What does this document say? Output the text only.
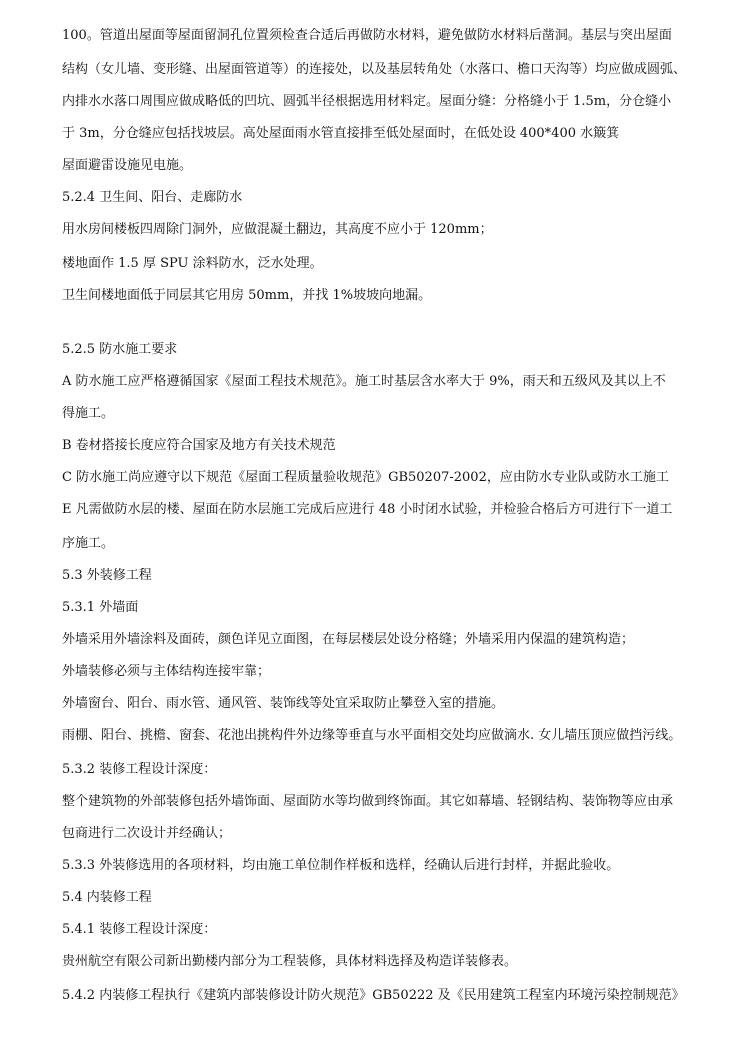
100。管道出屋面等屋面留洞孔位置须检查合适后再做防水材料，避免做防水材料后凿洞。基层与突出屋面
结构（女儿墙、变形缝、出屋面管道等）的连接处，以及基层转角处（水落口、檐口天沟等）均应做成圆弧、
内排水水落口周围应做成略低的凹坑、圆弧半径根据选用材料定。屋面分缝：分格缝小于 1.5m，分仓缝小
于 3m，分仓缝应包括找坡层。高处屋面雨水管直接排至低处屋面时，在低处设 400*400 水簸箕
屋面避雷设施见电施。
5.2.4 卫生间、阳台、走廊防水
用水房间楼板四周除门洞外，应做混凝土翻边，其高度不应小于 120mm；
楼地面作 1.5 厚 SPU 涂料防水，泛水处理。
卫生间楼地面低于同层其它用房 50mm，并找 1%坡坡向地漏。
5.2.5 防水施工要求
A 防水施工应严格遵循国家《屋面工程技术规范》。施工时基层含水率大于 9%，雨天和五级风及其以上不
得施工。
B 卷材搭接长度应符合国家及地方有关技术规范
C 防水施工尚应遵守以下规范《屋面工程质量验收规范》GB50207-2002，应由防水专业队或防水工施工
E 凡需做防水层的楼、屋面在防水层施工完成后应进行 48 小时闭水试验，并检验合格后方可进行下一道工
序施工。
5.3 外装修工程
5.3.1 外墙面
外墙采用外墙涂料及面砖，颜色详见立面图，在每层楼层处设分格缝；外墙采用内保温的建筑构造；
外墙装修必须与主体结构连接牢靠；
外墙窗台、阳台、雨水管、通风管、装饰线等处宜采取防止攀登入室的措施。
雨棚、阳台、挑檐、窗套、花池出挑构件外边缘等垂直与水平面相交处均应做滴水. 女儿墙压顶应做挡污线。
5.3.2 装修工程设计深度：
整个建筑物的外部装修包括外墙饰面、屋面防水等均做到终饰面。其它如幕墙、轻钢结构、装饰物等应由承
包商进行二次设计并经确认；
5.3.3 外装修选用的各项材料，均由施工单位制作样板和选样，经确认后进行封样，并据此验收。
5.4 内装修工程
5.4.1 装修工程设计深度：
贵州航空有限公司新出勤楼内部分为工程装修，具体材料选择及构造详装修表。
5.4.2 内装修工程执行《建筑内部装修设计防火规范》GB50222 及《民用建筑工程室内环境污染控制规范》
